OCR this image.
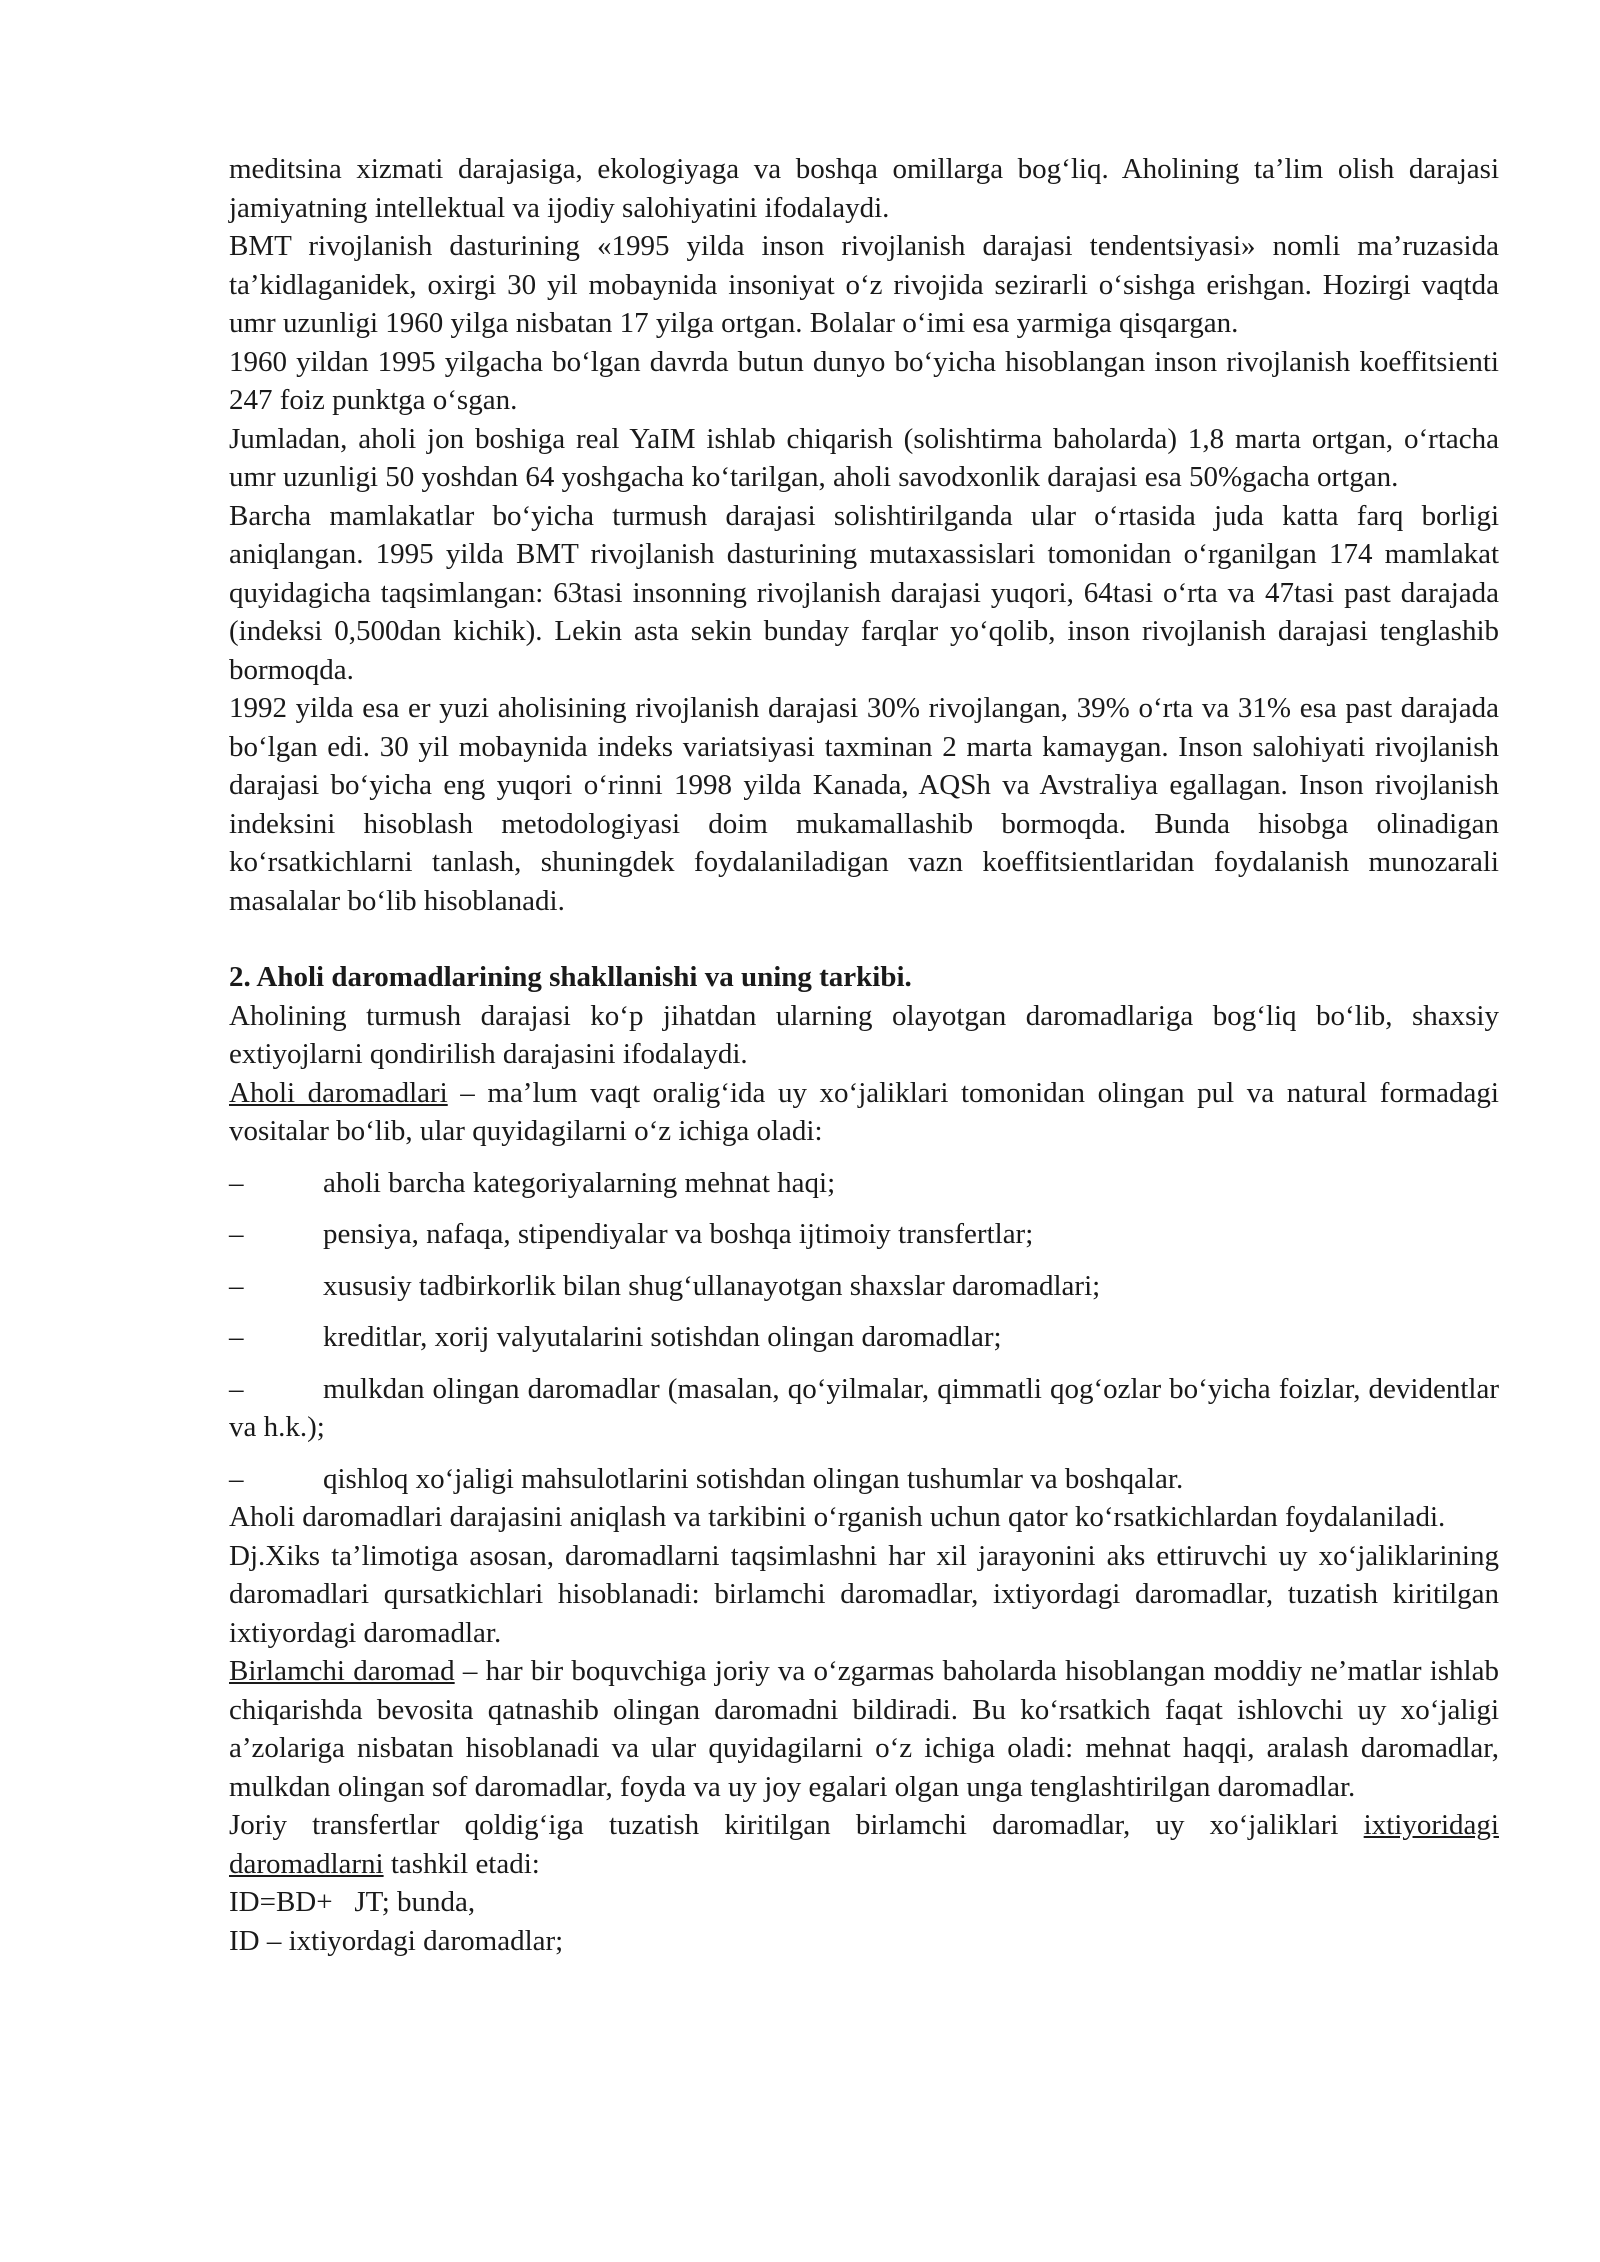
meditsina xizmati darajasiga, ekologiyaga va boshqa omillarga bog‘liq. Aholining ta’lim olish darajasi jamiyatning intellektual va ijodiy salohiyatini ifodalaydi.

BMT rivojlanish dasturining «1995 yilda inson rivojlanish darajasi tendentsiyasi» nomli ma’ruzasida ta’kidlaganidek, oxirgi 30 yil mobaynida insoniyat o‘z rivojida sezirarli o‘sishga erishgan. Hozirgi vaqtda umr uzunligi 1960 yilga nisbatan 17 yilga ortgan. Bolalar o‘imi esa yarmiga qisqargan.

1960 yildan 1995 yilgacha bo‘lgan davrda butun dunyo bo‘yicha hisoblangan inson rivojlanish koeffitsienti 247 foiz punktga o‘sgan.

Jumladan, aholi jon boshiga real YaIM ishlab chiqarish (solishtirma baholarda) 1,8 marta ortgan, o‘rtacha umr uzunligi 50 yoshdan 64 yoshgacha ko‘tarilgan, aholi savodxonlik darajasi esa 50%gacha ortgan.

Barcha mamlakatlar bo‘yicha turmush darajasi solishtirilganda ular o‘rtasida juda katta farq borligi aniqlangan. 1995 yilda BMT rivojlanish dasturining mutaxassislari tomonidan o‘rganilgan 174 mamlakat quyidagicha taqsimlangan: 63tasi insonning rivojlanish darajasi yuqori, 64tasi o‘rta va 47tasi past darajada (indeksi 0,500dan kichik). Lekin asta sekin bunday farqlar yo‘qolib, inson rivojlanish darajasi tenglashib bormoqda.

1992 yilda esa er yuzi aholisining rivojlanish darajasi 30% rivojlangan, 39% o‘rta va 31% esa past darajada bo‘lgan edi. 30 yil mobaynida indeks variatsiyasi taxminan 2 marta kamaygan. Inson salohiyati rivojlanish darajasi bo‘yicha eng yuqori o‘rinni 1998 yilda Kanada, AQSh va Avstraliya egallagan. Inson rivojlanish indeksini hisoblash metodologiyasi doim mukamallashib bormoqda. Bunda hisobga olinadigan ko‘rsatkichlarni tanlash, shuningdek foydalaniladigan vazn koeffitsientlaridan foydalanish munozarali masalalar bo‘lib hisoblanadi.

2. Aholi daromadlarining shakllanishi va uning tarkibi.

Aholining turmush darajasi ko‘p jihatdan ularning olayotgan daromadlariga bog‘liq bo‘lib, shaxsiy extiyojlarni qondirilish darajasini ifodalaydi.

Aholi daromadlari – ma’lum vaqt oralig‘ida uy xo‘jaliklari tomonidan olingan pul va natural formadagi vositalar bo‘lib, ular quyidagilarni o‘z ichiga oladi:

–	aholi barcha kategoriyalarning mehnat haqi;

–	pensiya, nafaqa, stipendiyalar va boshqa ijtimoiy transfertlar;

–	xususiy tadbirkorlik bilan shug‘ullanayotgan shaxslar daromadlari;

–	kreditlar, xorij valyutalarini sotishdan olingan daromadlar;

–	mulkdan olingan daromadlar (masalan, qo‘yilmalar, qimmatli qog‘ozlar bo‘yicha foizlar, devidentlar va h.k.);

–	qishloq xo‘jaligi mahsulotlarini sotishdan olingan tushumlar va boshqalar.

Aholi daromadlari darajasini aniqlash va tarkibini o‘rganish uchun qator ko‘rsatkichlardan foydalaniladi.

Dj.Xiks ta’limotiga asosan, daromadlarni taqsimlashni har xil jarayonini aks ettiruvchi uy xo‘jaliklarining daromadlari qursatkichlari hisoblanadi: birlamchi daromadlar, ixtiyordagi daromadlar, tuzatish kiritilgan ixtiyordagi daromadlar.

Birlamchi daromad – har bir boquvchiga joriy va o‘zgarmas baholarda hisoblangan moddiy ne’matlar ishlab chiqarishda bevosita qatnashib olingan daromadni bildiradi. Bu ko‘rsatkich faqat ishlovchi uy xo‘jaligi a’zolariga nisbatan hisoblanadi va ular quyidagilarni o‘z ichiga oladi: mehnat haqqi, aralash daromadlar, mulkdan olingan sof daromadlar, foyda va uy joy egalari olgan unga tenglashtirilgan daromadlar.

Joriy transfertlar qoldig‘iga tuzatish kiritilgan birlamchi daromadlar, uy xo‘jaliklari ixtiyoridagi daromadlarni tashkil etadi:

ID=BD+   JT; bunda,

ID – ixtiyordagi daromadlar;
